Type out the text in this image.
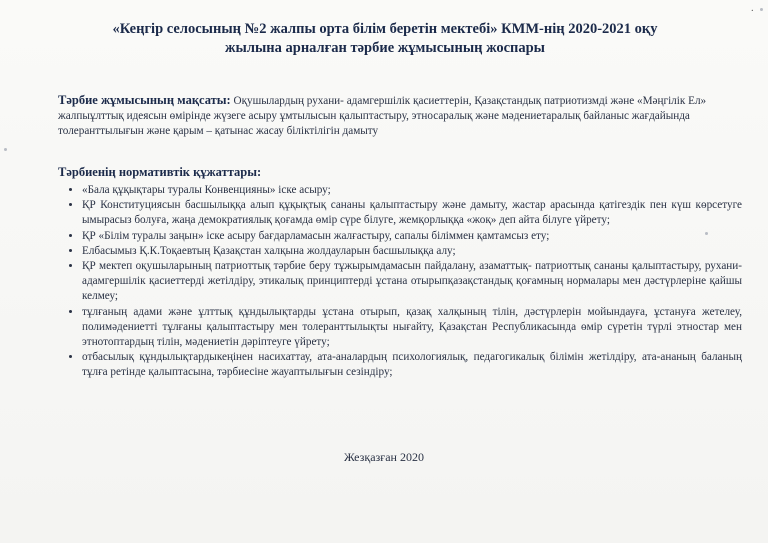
·
«Кеңгір селосының №2 жалпы орта білім беретін мектебі» КММ-нің 2020-2021 оқу
жылына арналған тәрбие жұмысының жоспары
Тәрбие жұмысының мақсаты: Оқушылардың рухани- адамгершілік қасиеттерін, Қазақстандық патриотизмді және «Мәңгілік Ел» жалпыұлттық идеясын өмірінде жүзеге асыру ұмтылысын қалыптастыру, этносаралық және мәдениетаралық байланыс жағдайында толеранттылығын және қарым – қатынас жасау біліктілігін дамыту
Тәрбиенің нормативтік құжаттары:
• «Бала құқықтары туралы Конвенцияны» іске асыру;
• ҚР Конституциясын басшылыққа алып құқықтық сананы қалыптастыру және дамыту, жастар арасында қатігездік пен күш көрсетуге ымырасыз болуға, жаңа демократиялық қоғамда өмір сүре білуге, жемқорлыққа «жоқ» деп айта білуге үйрету;
• ҚР «Білім туралы заңын» іске асыру бағдарламасын жалғастыру, сапалы біліммен қамтамсыз ету;
• Елбасымыз Қ.К.Тоқаевтың Қазақстан халқына жолдауларын басшылыққа алу;
• ҚР мектеп оқушыларының патриоттық тәрбие беру тұжырымдамасын пайдалану, азаматтық- патриоттық сананы қалыптастыру, рухани-адамгершілік қасиеттерді жетілдіру, этикалық принциптерді ұстана отырыпқазақстандық қоғамның нормалары мен дәстүрлеріне қайшы келмеу;
• тұлғаның адами және ұлттық құндылықтарды ұстана отырып, қазақ халқының тілін, дәстүрлерін мойындауға, ұстануға жетелеу, полимәдениетті тұлғаны қалыптастыру мен толеранттылықты нығайту, Қазақстан Республикасында өмір сүретін түрлі этностар мен этнотоптардың тілін, мәдениетін дәріптеуге үйрету;
• отбасылық құндылықтардыкеңінен насихаттау, ата-аналардың психологиялық, педагогикалық білімін жетілдіру, ата-ананың баланың тұлға ретінде қалыптасына, тәрбиесіне жауаптылығын сезіндіру;
Жезқазған 2020
